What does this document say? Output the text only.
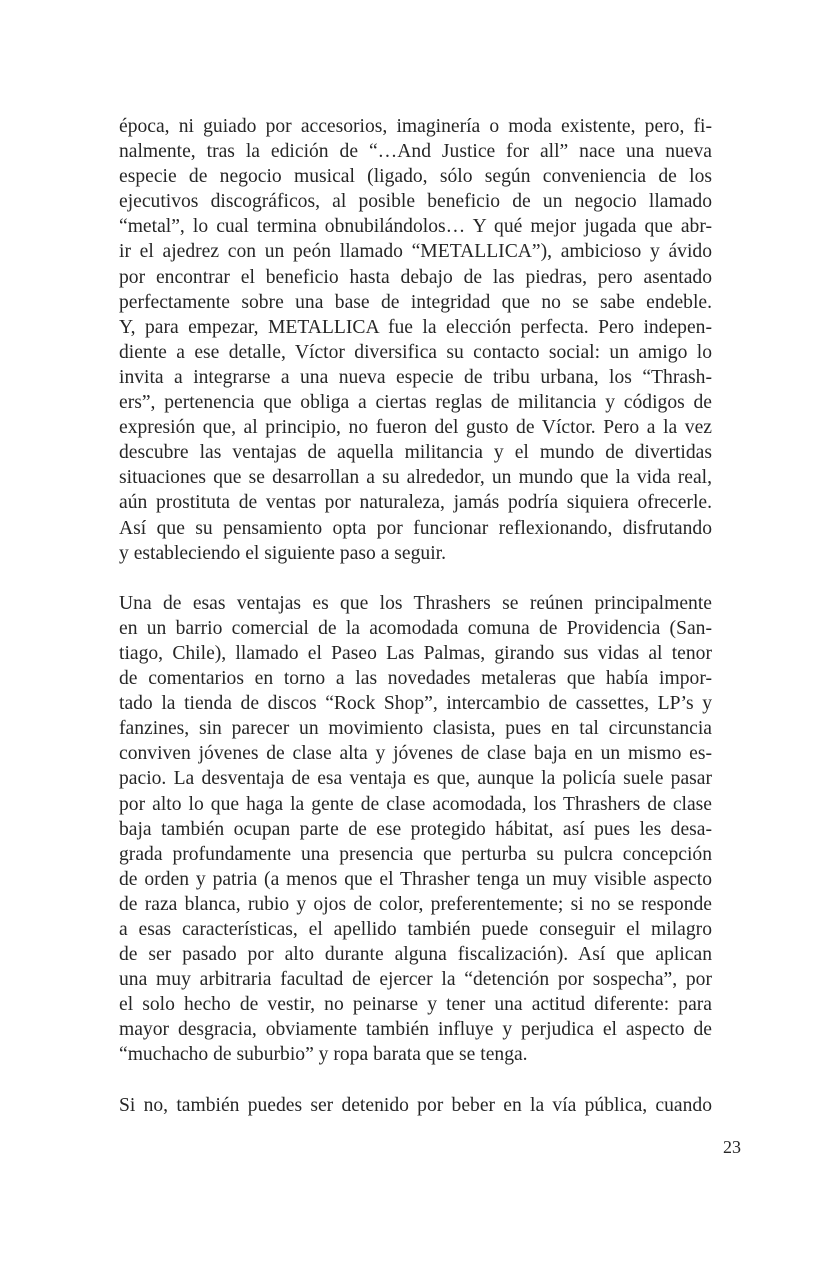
época, ni guiado por accesorios, imaginería o moda existente, pero, fi-
nalmente, tras la edición de “…And Justice for all” nace una nueva
especie de negocio musical (ligado, sólo según conveniencia de los
ejecutivos discográficos, al posible beneficio de un negocio llamado
“metal”, lo cual termina obnubilándolos… Y qué mejor jugada que abr-
ir el ajedrez con un peón llamado “METALLICA”), ambicioso y ávido
por encontrar el beneficio hasta debajo de las piedras, pero asentado
perfectamente sobre una base de integridad que no se sabe endeble.
Y, para empezar, METALLICA fue la elección perfecta. Pero indepen-
diente a ese detalle, Víctor diversifica su contacto social: un amigo lo
invita a integrarse a una nueva especie de tribu urbana, los “Thrash-
ers”, pertenencia que obliga a ciertas reglas de militancia y códigos de
expresión que, al principio, no fueron del gusto de Víctor. Pero a la vez
descubre las ventajas de aquella militancia y el mundo de divertidas
situaciones que se desarrollan a su alrededor, un mundo que la vida real,
aún prostituta de ventas por naturaleza, jamás podría siquiera ofrecerle.
Así que su pensamiento opta por funcionar reflexionando, disfrutando
y estableciendo el siguiente paso a seguir.

Una de esas ventajas es que los Thrashers se reúnen principalmente
en un barrio comercial de la acomodada comuna de Providencia (San-
tiago, Chile), llamado el Paseo Las Palmas, girando sus vidas al tenor
de comentarios en torno a las novedades metaleras que había impor-
tado la tienda de discos “Rock Shop”, intercambio de cassettes, LP’s y
fanzines, sin parecer un movimiento clasista, pues en tal circunstancia
conviven jóvenes de clase alta y jóvenes de clase baja en un mismo es-
pacio. La desventaja de esa ventaja es que, aunque la policía suele pasar
por alto lo que haga la gente de clase acomodada, los Thrashers de clase
baja también ocupan parte de ese protegido hábitat, así pues les desa-
grada profundamente una presencia que perturba su pulcra concepción
de orden y patria (a menos que el Thrasher tenga un muy visible aspecto
de raza blanca, rubio y ojos de color, preferentemente; si no se responde
a esas características, el apellido también puede conseguir el milagro
de ser pasado por alto durante alguna fiscalización). Así que aplican
una muy arbitraria facultad de ejercer la “detención por sospecha”, por
el solo hecho de vestir, no peinarse y tener una actitud diferente: para
mayor desgracia, obviamente también influye y perjudica el aspecto de
“muchacho de suburbio” y ropa barata que se tenga.

Si no, también puedes ser detenido por beber en la vía pública, cuando

23
